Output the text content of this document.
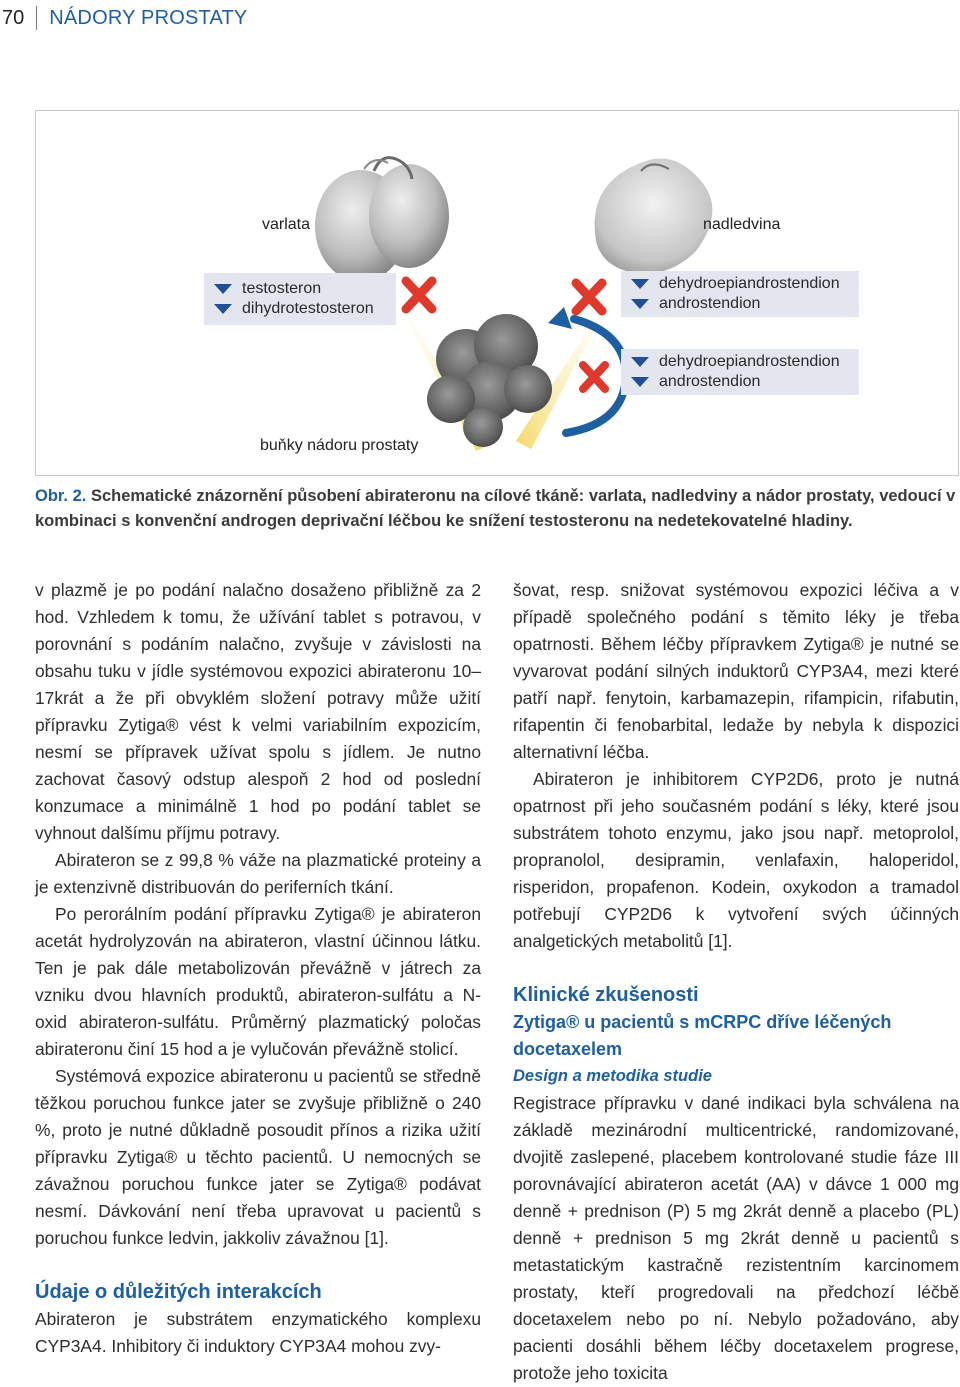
70 NÁDORY PROSTATY
varlata	nadledvina
buňky nádoru prostaty
testosteron
dihydrotestosteron
dehydroepiandrostendion
androstendion
dehydroepiandrostendion
androstendion
Obr. 2. Schematické znázornění působení abirateronu na cílové tkáně: varlata, nadledviny a nádor prostaty, vedoucí v kombinaci s konvenční androgen deprivační léčbou ke snížení testosteronu na nedetekovatelné hladiny.

v plazmě je po podání nalačno dosaženo přibližně za 2 hod. Vzhledem k tomu, že užívání tablet s potravou, v porovnání s podáním nalačno, zvyšuje v závislosti na obsahu tuku v jídle systémovou expozici abirateronu 10–17krát a že při obvyklém složení potravy může užití přípravku Zytiga® vést k velmi variabilním expozicím, nesmí se přípravek užívat spolu s jídlem. Je nutno zachovat časový odstup alespoň 2 hod od poslední konzumace a minimálně 1 hod po podání tablet se vyhnout dalšímu příjmu potravy.

Abirateron se z 99,8 % váže na plazmatické proteiny a je extenzivně distribuován do periferních tkání.

Po perorálním podání přípravku Zytiga® je abirateron acetát hydrolyzován na abirateron, vlastní účinnou látku. Ten je pak dále metabolizován převážně v játrech za vzniku dvou hlavních produktů, abirateron-sulfátu a N-oxid abirateron-sulfátu. Průměrný plazmatický poločas abirateronu činí 15 hod a je vylučován převážně stolicí.

Systémová expozice abirateronu u pacientů se středně těžkou poruchou funkce jater se zvyšuje přibližně o 240 %, proto je nutné důkladně posoudit přínos a rizika užití přípravku Zytiga® u těchto pacientů. U nemocných se závažnou poruchou funkce jater se Zytiga® podávat nesmí. Dávkování není třeba upravovat u pacientů s poruchou funkce ledvin, jakkoliv závažnou [1].

Údaje o důležitých interakcích

Abirateron je substrátem enzymatického komplexu CYP3A4. Inhibitory či induktory CYP3A4 mohou zvy-

šovat, resp. snižovat systémovou expozici léčiva a v případě společného podání s těmito léky je třeba opatrnosti. Během léčby přípravkem Zytiga® je nutné se vyvarovat podání silných induktorů CYP3A4, mezi které patří např. fenytoin, karbamazepin, rifampicin, rifabutin, rifapentin či fenobarbital, ledaže by nebyla k dispozici alternativní léčba.

Abirateron je inhibitorem CYP2D6, proto je nutná opatrnost při jeho současném podání s léky, které jsou substrátem tohoto enzymu, jako jsou např. metoprolol, propranolol, desipramin, venlafaxin, haloperidol, risperidon, propafenon. Kodein, oxykodon a tramadol potřebují CYP2D6 k vytvoření svých účinných analgetických metabolitů [1].

Klinické zkušenosti
Zytiga® u pacientů s mCRPC dříve léčených docetaxelem
Design a metodika studie

Registrace přípravku v dané indikaci byla schválena na základě mezinárodní multicentrické, randomizované, dvojitě zaslepené, placebem kontrolované studie fáze III porovnávající abirateron acetát (AA) v dávce 1 000 mg denně + prednison (P) 5 mg 2krát denně a placebo (PL) denně + prednison 5 mg 2krát denně u pacientů s metastatickým kastračně rezistentním karcinomem prostaty, kteří progredovali na předchozí léčbě docetaxelem nebo po ní. Nebylo požadováno, aby pacienti dosáhli během léčby docetaxelem progrese, protože jeho toxicita
